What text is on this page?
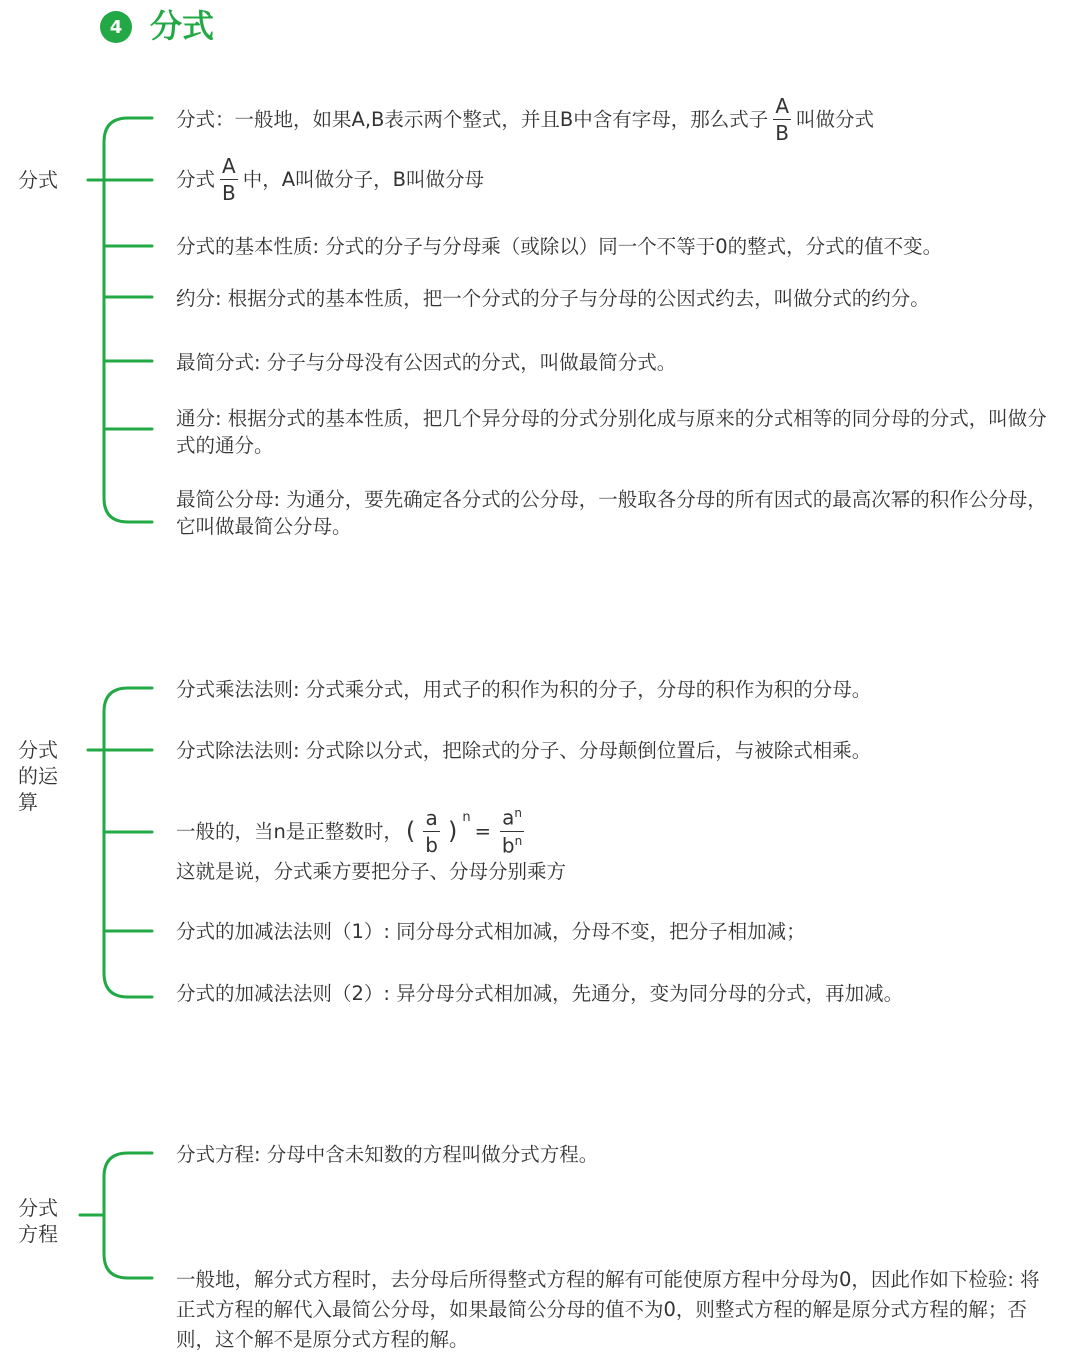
4 分式
分式
分式：一般地，如果A,B表示两个整式，并且B中含有字母，那么式子 $\frac{A}{B}$ 叫做分式
分式 $\frac{A}{B}$ 中，A叫做分子，B叫做分母
分式的基本性质: 分式的分子与分母乘（或除以）同一个不等于0的整式，分式的值不变。
约分: 根据分式的基本性质，把一个分式的分子与分母的公因式约去，叫做分式的约分。
最简分式: 分子与分母没有公因式的分式，叫做最简分式。
通分: 根据分式的基本性质，把几个异分母的分式分别化成与原来的分式相等的同分母的分式，叫做分式的通分。
最简公分母: 为通分，要先确定各分式的公分母，一般取各分母的所有因式的最高次幂的积作公分母，它叫做最简公分母。
分式的运算
分式乘法法则: 分式乘分式，用式子的积作为积的分子，分母的积作为积的分母。
分式除法法则: 分式除以分式，把除式的分子、分母颠倒位置后，与被除式相乘。
一般的，当n是正整数时， ( $\frac{a}{b}$ ) n
= $\frac{a^n}{b^n}$
这就是说，分式乘方要把分子、分母分别乘方
分式的加减法法则（1）: 同分母分式相加减，分母不变，把分子相加减；
分式的加减法法则（2）: 异分母分式相加减，先通分，变为同分母的分式，再加减。
分式方程
分式方程: 分母中含未知数的方程叫做分式方程。
一般地，解分式方程时，去分母后所得整式方程的解有可能使原方程中分母为0，因此作如下检验: 将正式方程的解代入最简公分母，如果最简公分母的值不为0，则整式方程的解是原分式方程的解；否则，这个解不是原分式方程的解。
